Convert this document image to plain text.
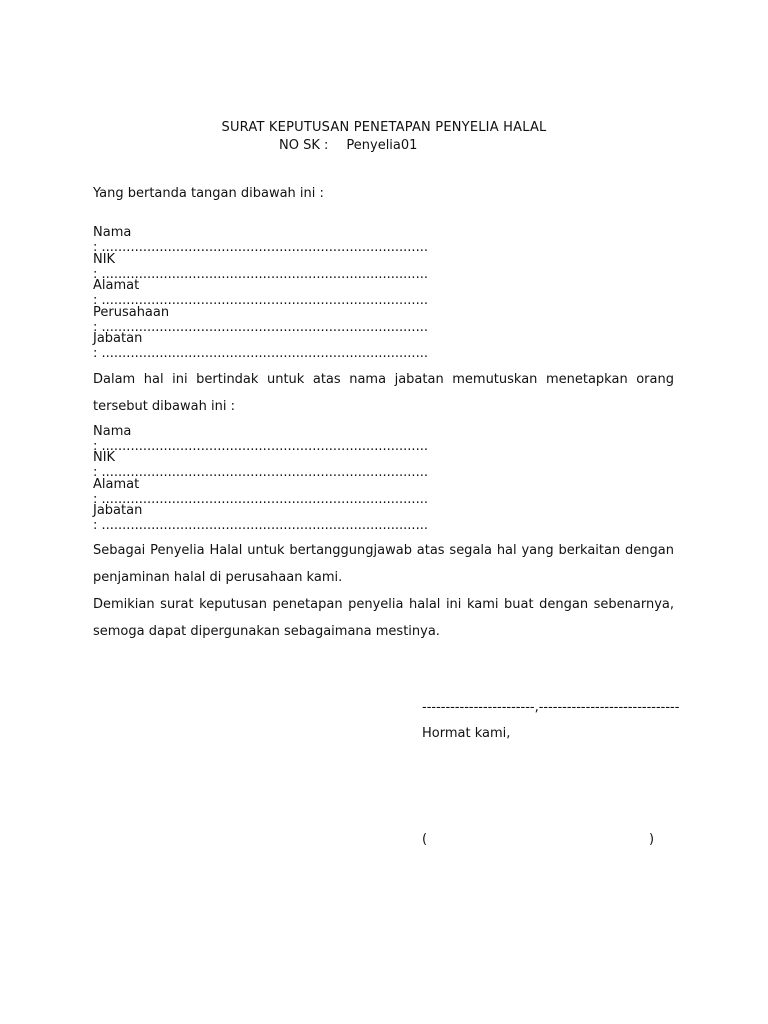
SURAT KEPUTUSAN PENETAPAN PENYELIA HALAL
NO SK : Penyelia01
Yang bertanda tangan dibawah ini :
Nama: ...............................................................................
NIK: ...............................................................................
Alamat: ...............................................................................
Perusahaan: ...............................................................................
Jabatan: ...............................................................................
Dalam hal ini bertindak untuk atas nama jabatan memutuskan menetapkan orang tersebut dibawah ini :
Nama: ...............................................................................
NIK: ...............................................................................
Alamat: ...............................................................................
Jabatan: ...............................................................................
Sebagai Penyelia Halal untuk bertanggungjawab atas segala hal yang berkaitan dengan penjaminan halal di perusahaan kami.
Demikian surat keputusan penetapan penyelia halal ini kami buat dengan sebenarnya, semoga dapat dipergunakan sebagaimana mestinya.
------------------------,------------------------------
Hormat kami,
(	)
